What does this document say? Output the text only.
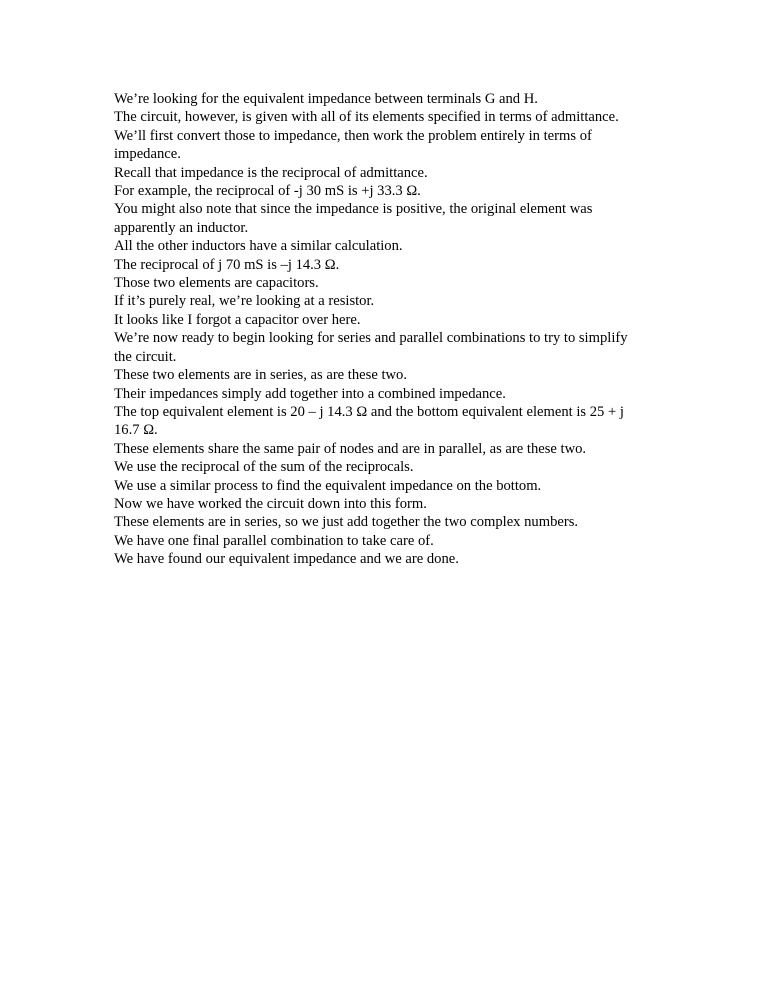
We’re looking for the equivalent impedance between terminals G and H.

The circuit, however, is given with all of its elements specified in terms of admittance.

We’ll first convert those to impedance, then work the problem entirely in terms of impedance.

Recall that impedance is the reciprocal of admittance.

For example, the reciprocal of -j 30 mS is +j 33.3 Ω.

You might also note that since the impedance is positive, the original element was apparently an inductor.

All the other inductors have a similar calculation.

The reciprocal of j 70 mS is –j 14.3 Ω.

Those two elements are capacitors.

If it’s purely real, we’re looking at a resistor.

It looks like I forgot a capacitor over here.

We’re now ready to begin looking for series and parallel combinations to try to simplify the circuit.

These two elements are in series, as are these two.

Their impedances simply add together into a combined impedance.

The top equivalent element is 20 – j 14.3 Ω and the bottom equivalent element is 25 + j 16.7 Ω.

These elements share the same pair of nodes and are in parallel, as are these two.

We use the reciprocal of the sum of the reciprocals.

We use a similar process to find the equivalent impedance on the bottom.

Now we have worked the circuit down into this form.

These elements are in series, so we just add together the two complex numbers.

We have one final parallel combination to take care of.

We have found our equivalent impedance and we are done.
